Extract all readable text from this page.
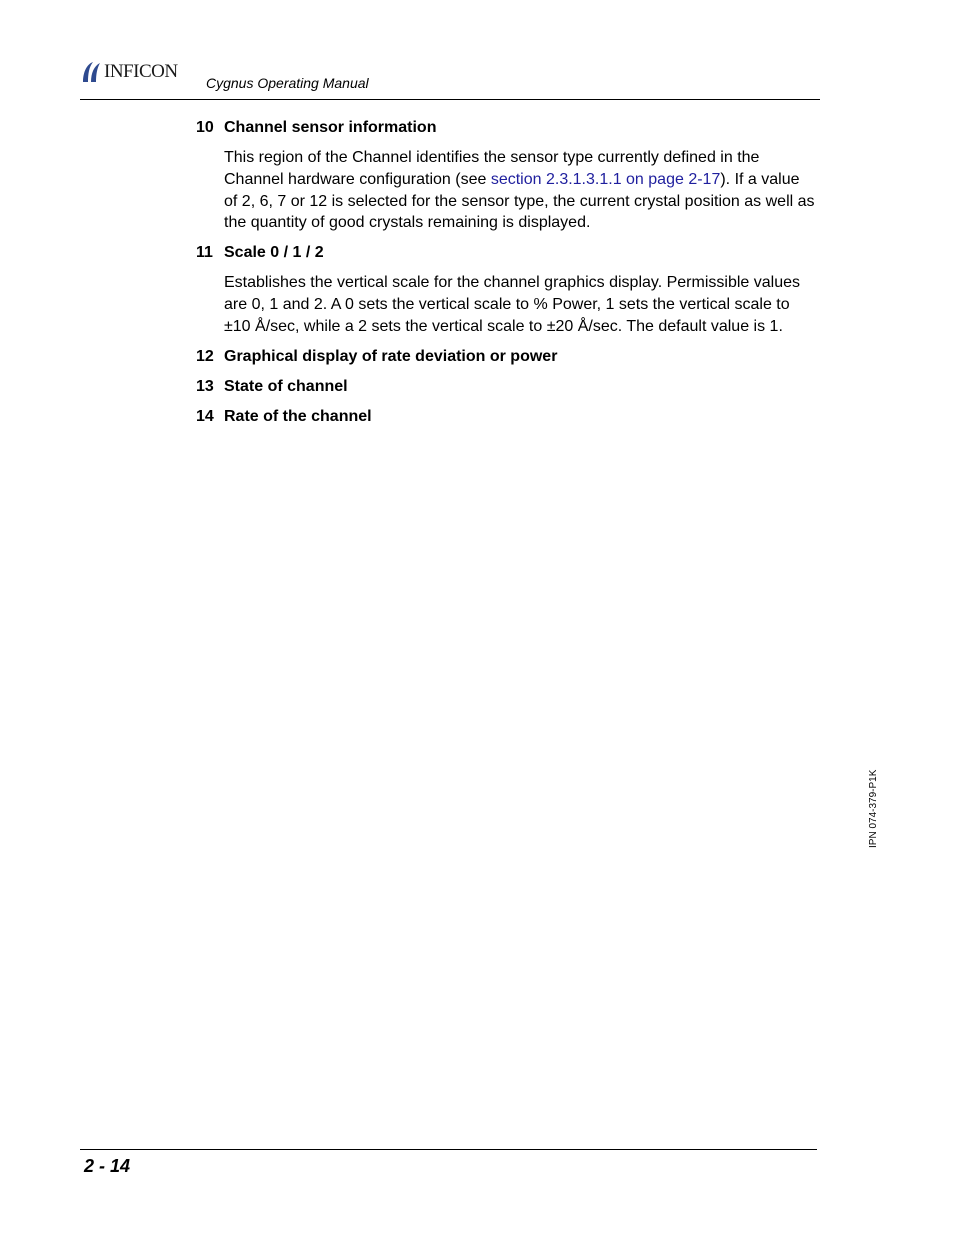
INFICON
Cygnus Operating Manual
10 Channel sensor information
This region of the Channel identifies the sensor type currently defined in the Channel hardware configuration (see section 2.3.1.3.1.1 on page 2-17). If a value of 2, 6, 7 or 12 is selected for the sensor type, the current crystal position as well as the quantity of good crystals remaining is displayed.
11 Scale 0 / 1 / 2
Establishes the vertical scale for the channel graphics display. Permissible values are 0, 1 and 2. A 0 sets the vertical scale to % Power, 1 sets the vertical scale to ±10 Å/sec, while a 2 sets the vertical scale to ±20 Å/sec. The default value is 1.
12 Graphical display of rate deviation or power
13 State of channel
14 Rate of the channel
IPN 074-379-P1K
2 - 14
